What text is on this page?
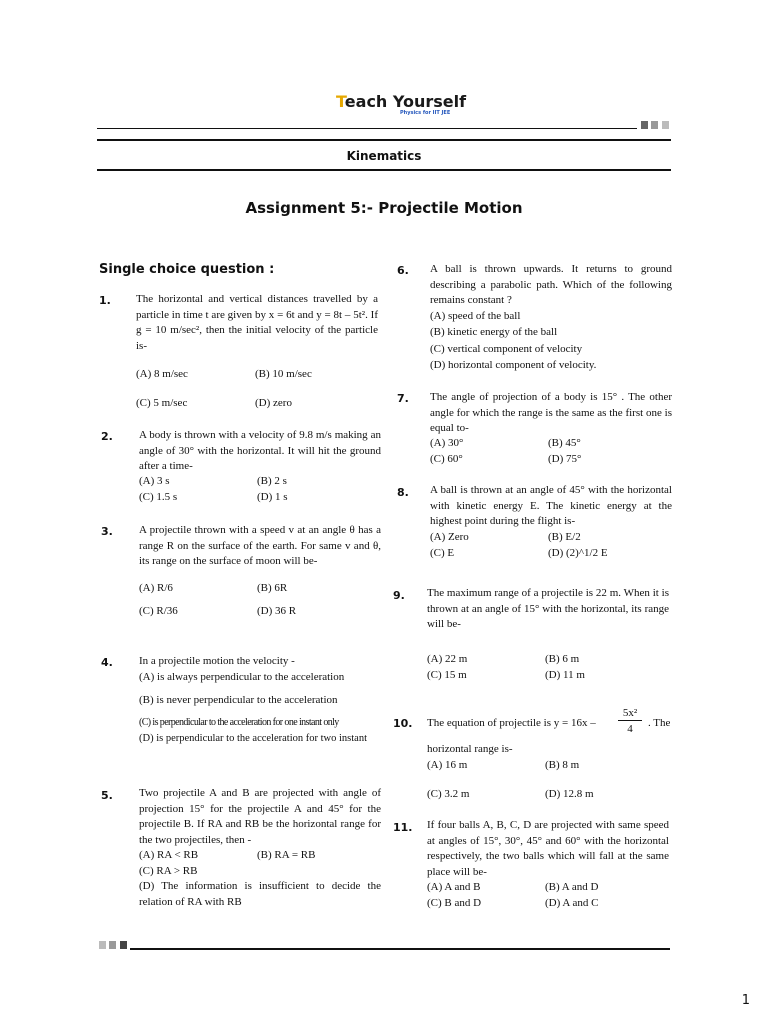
Teach Yourself
Physics for IIT JEE
Kinematics
Assignment 5:- Projectile Motion
Single choice question :
1. The horizontal and vertical distances travelled by a particle in time t are given by x = 6t and y = 8t – 5t². If g = 10 m/sec², then the initial velocity of the particle is-
(A) 8 m/sec	(B) 10 m/sec
(C) 5 m/sec	(D) zero
2. A body is thrown with a velocity of 9.8 m/s making an angle of 30° with the horizontal. It will hit the ground after a time-
(A) 3 s	(B) 2 s
(C) 1.5 s	(D) 1 s
3. A projectile thrown with a speed v at an angle θ has a range R on the surface of the earth. For same v and θ, its range on the surface of moon will be-
(A) R/6	(B) 6R
(C) R/36	(D) 36 R
4. In a projectile motion the velocity -
(A) is always perpendicular to the acceleration
(B) is never perpendicular to the acceleration
(C) is perpendicular to the acceleration for one instant only
(D) is perpendicular to the acceleration for two instant
5. Two projectile A and B are projected with angle of projection 15° for the projectile A and 45° for the projectile B. If RA and RB be the horizontal range for the two projectiles, then -
(A) RA < RB	(B) RA = RB
(C) RA > RB
(D) The information is insufficient to decide the relation of RA with RB
6. A ball is thrown upwards. It returns to ground describing a parabolic path. Which of the following remains constant ?
(A) speed of the ball
(B) kinetic energy of the ball
(C) vertical component of velocity
(D) horizontal component of velocity.
7. The angle of projection of a body is 15° . The other angle for which the range is the same as the first one is equal to-
(A) 30°	(B) 45°
(C) 60°	(D) 75°
8. A ball is thrown at an angle of 45° with the horizontal with kinetic energy E. The kinetic energy at the highest point during the flight is-
(A) Zero	(B) E/2
(C) E	(D) (2)^1/2 E
9. The maximum range of a projectile is 22 m. When it is thrown at an angle of 15° with the horizontal, its range will be-
(A) 22 m	(B) 6 m
(C) 15 m	(D) 11 m
10. The equation of projectile is y = 16x –
5x²
4	. The
horizontal range is-
(A) 16 m	(B) 8 m
(C) 3.2 m	(D) 12.8 m
11. If four balls A, B, C, D are projected with same speed at angles of 15°, 30°, 45° and 60° with the horizontal respectively, the two balls which will fall at the same place will be-
(A) A and B	(B) A and D
(C) B and D	(D) A and C
1
